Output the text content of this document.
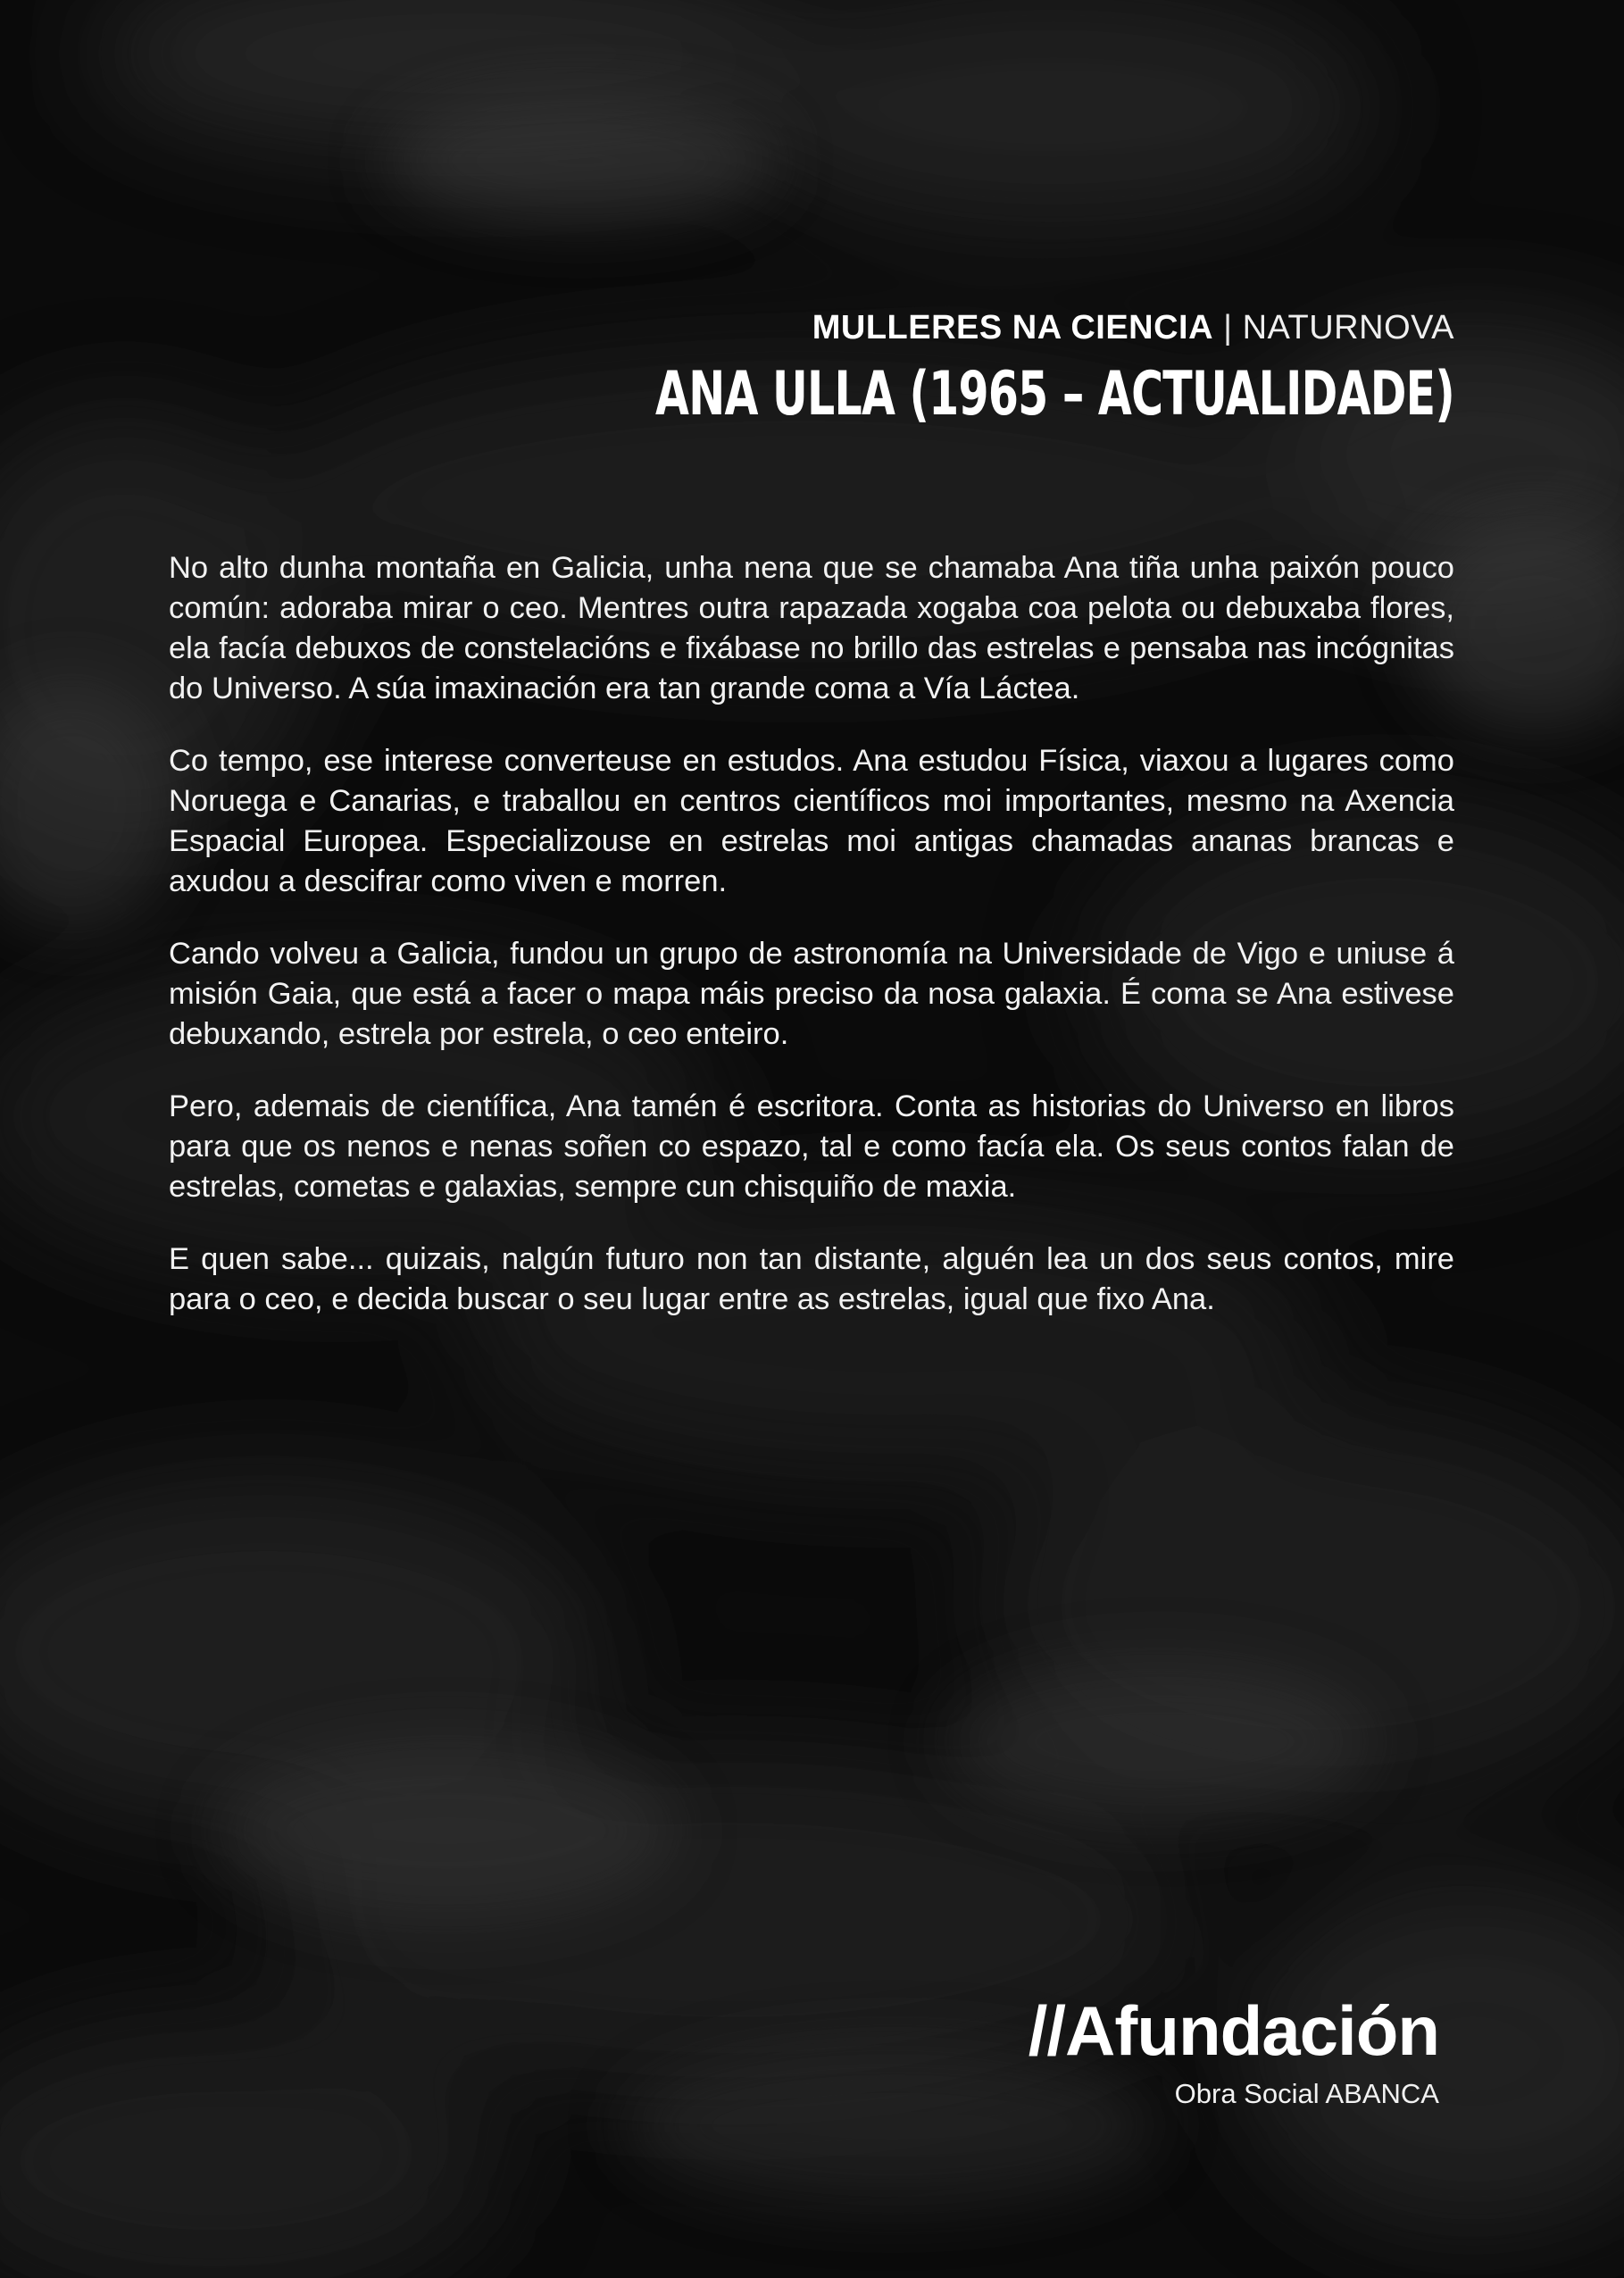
MULLERES NA CIENCIA | NATURNOVA
ANA ULLA (1965 – ACTUALIDADE)

No alto dunha montaña en Galicia, unha nena que se chamaba Ana tiña unha paixón pouco común: adoraba mirar o ceo. Mentres outra rapazada xogaba coa pelota ou debuxaba flores, ela facía debuxos de constelacións e fixábase no brillo das estrelas e pensaba nas incógnitas do Universo. A súa imaxinación era tan grande coma a Vía Láctea.

Co tempo, ese interese converteuse en estudos. Ana estudou Física, viaxou a lugares como Noruega e Canarias, e traballou en centros científicos moi importantes, mesmo na Axencia Espacial Europea. Especializouse en estrelas moi antigas chamadas ananas brancas e axudou a descifrar como viven e morren.

Cando volveu a Galicia, fundou un grupo de astronomía na Universidade de Vigo e uniuse á misión Gaia, que está a facer o mapa máis preciso da nosa galaxia. É coma se Ana estivese debuxando, estrela por estrela, o ceo enteiro.

Pero, ademais de científica, Ana tamén é escritora. Conta as historias do Universo en libros para que os nenos e nenas soñen co espazo, tal e como facía ela. Os seus contos falan de estrelas, cometas e galaxias, sempre cun chisquiño de maxia.

E quen sabe... quizais, nalgún futuro non tan distante, alguén lea un dos seus contos, mire para o ceo, e decida buscar o seu lugar entre as estrelas, igual que fixo Ana.

//Afundación
Obra Social ABANCA
